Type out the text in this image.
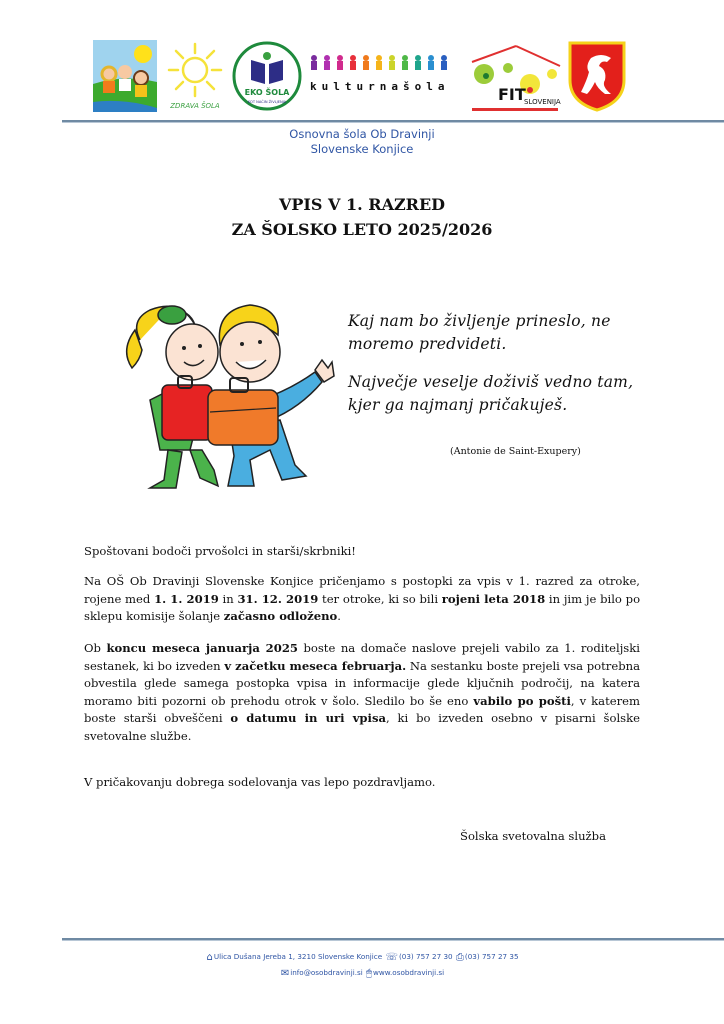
ZDRAVA ŠOLA
EKO ŠOLA
KOT NAČIN ŽIVLJENJA
kulturnašola	FIT
SLOVENIJA
Osnovna šola Ob Dravinji
Slovenske Konjice
VPIS V 1. RAZRED
ZA ŠOLSKO LETO 2025/2026

Kaj nam bo življenje prineslo, ne moremo predvideti.

Največje veselje doživiš vedno tam, kjer ga najmanj pričakuješ.

(Antonie de Saint-Exupery)
Spoštovani bodoči prvošolci in starši/skrbniki!
Na OŠ Ob Dravinji Slovenske Konjice pričenjamo s postopki za vpis v 1. razred za otroke, rojene med 1. 1. 2019 in 31. 12. 2019 ter otroke, ki so bili rojeni leta 2018 in jim je bilo po sklepu komisije šolanje začasno odloženo.
Ob koncu meseca januarja 2025 boste na domače naslove prejeli vabilo za 1. roditeljski sestanek, ki bo izveden v začetku meseca februarja. Na sestanku boste prejeli vsa potrebna obvestila glede samega postopka vpisa in informacije glede ključnih področij, na katera moramo biti pozorni ob prehodu otrok v šolo. Sledilo bo še eno vabilo po pošti, v katerem boste starši obveščeni o datumu in uri vpisa, ki bo izveden osebno v pisarni šolske svetovalne službe.
V pričakovanju dobrega sodelovanja vas lepo pozdravljamo.
Šolska svetovalna služba
⌂Ulica Dušana Jereba 1, 3210 Slovenske Konjice ☏(03) 757 27 30 ⎙(03) 757 27 35
✉info@osobdravinji.si 🖱www.osobdravinji.si
